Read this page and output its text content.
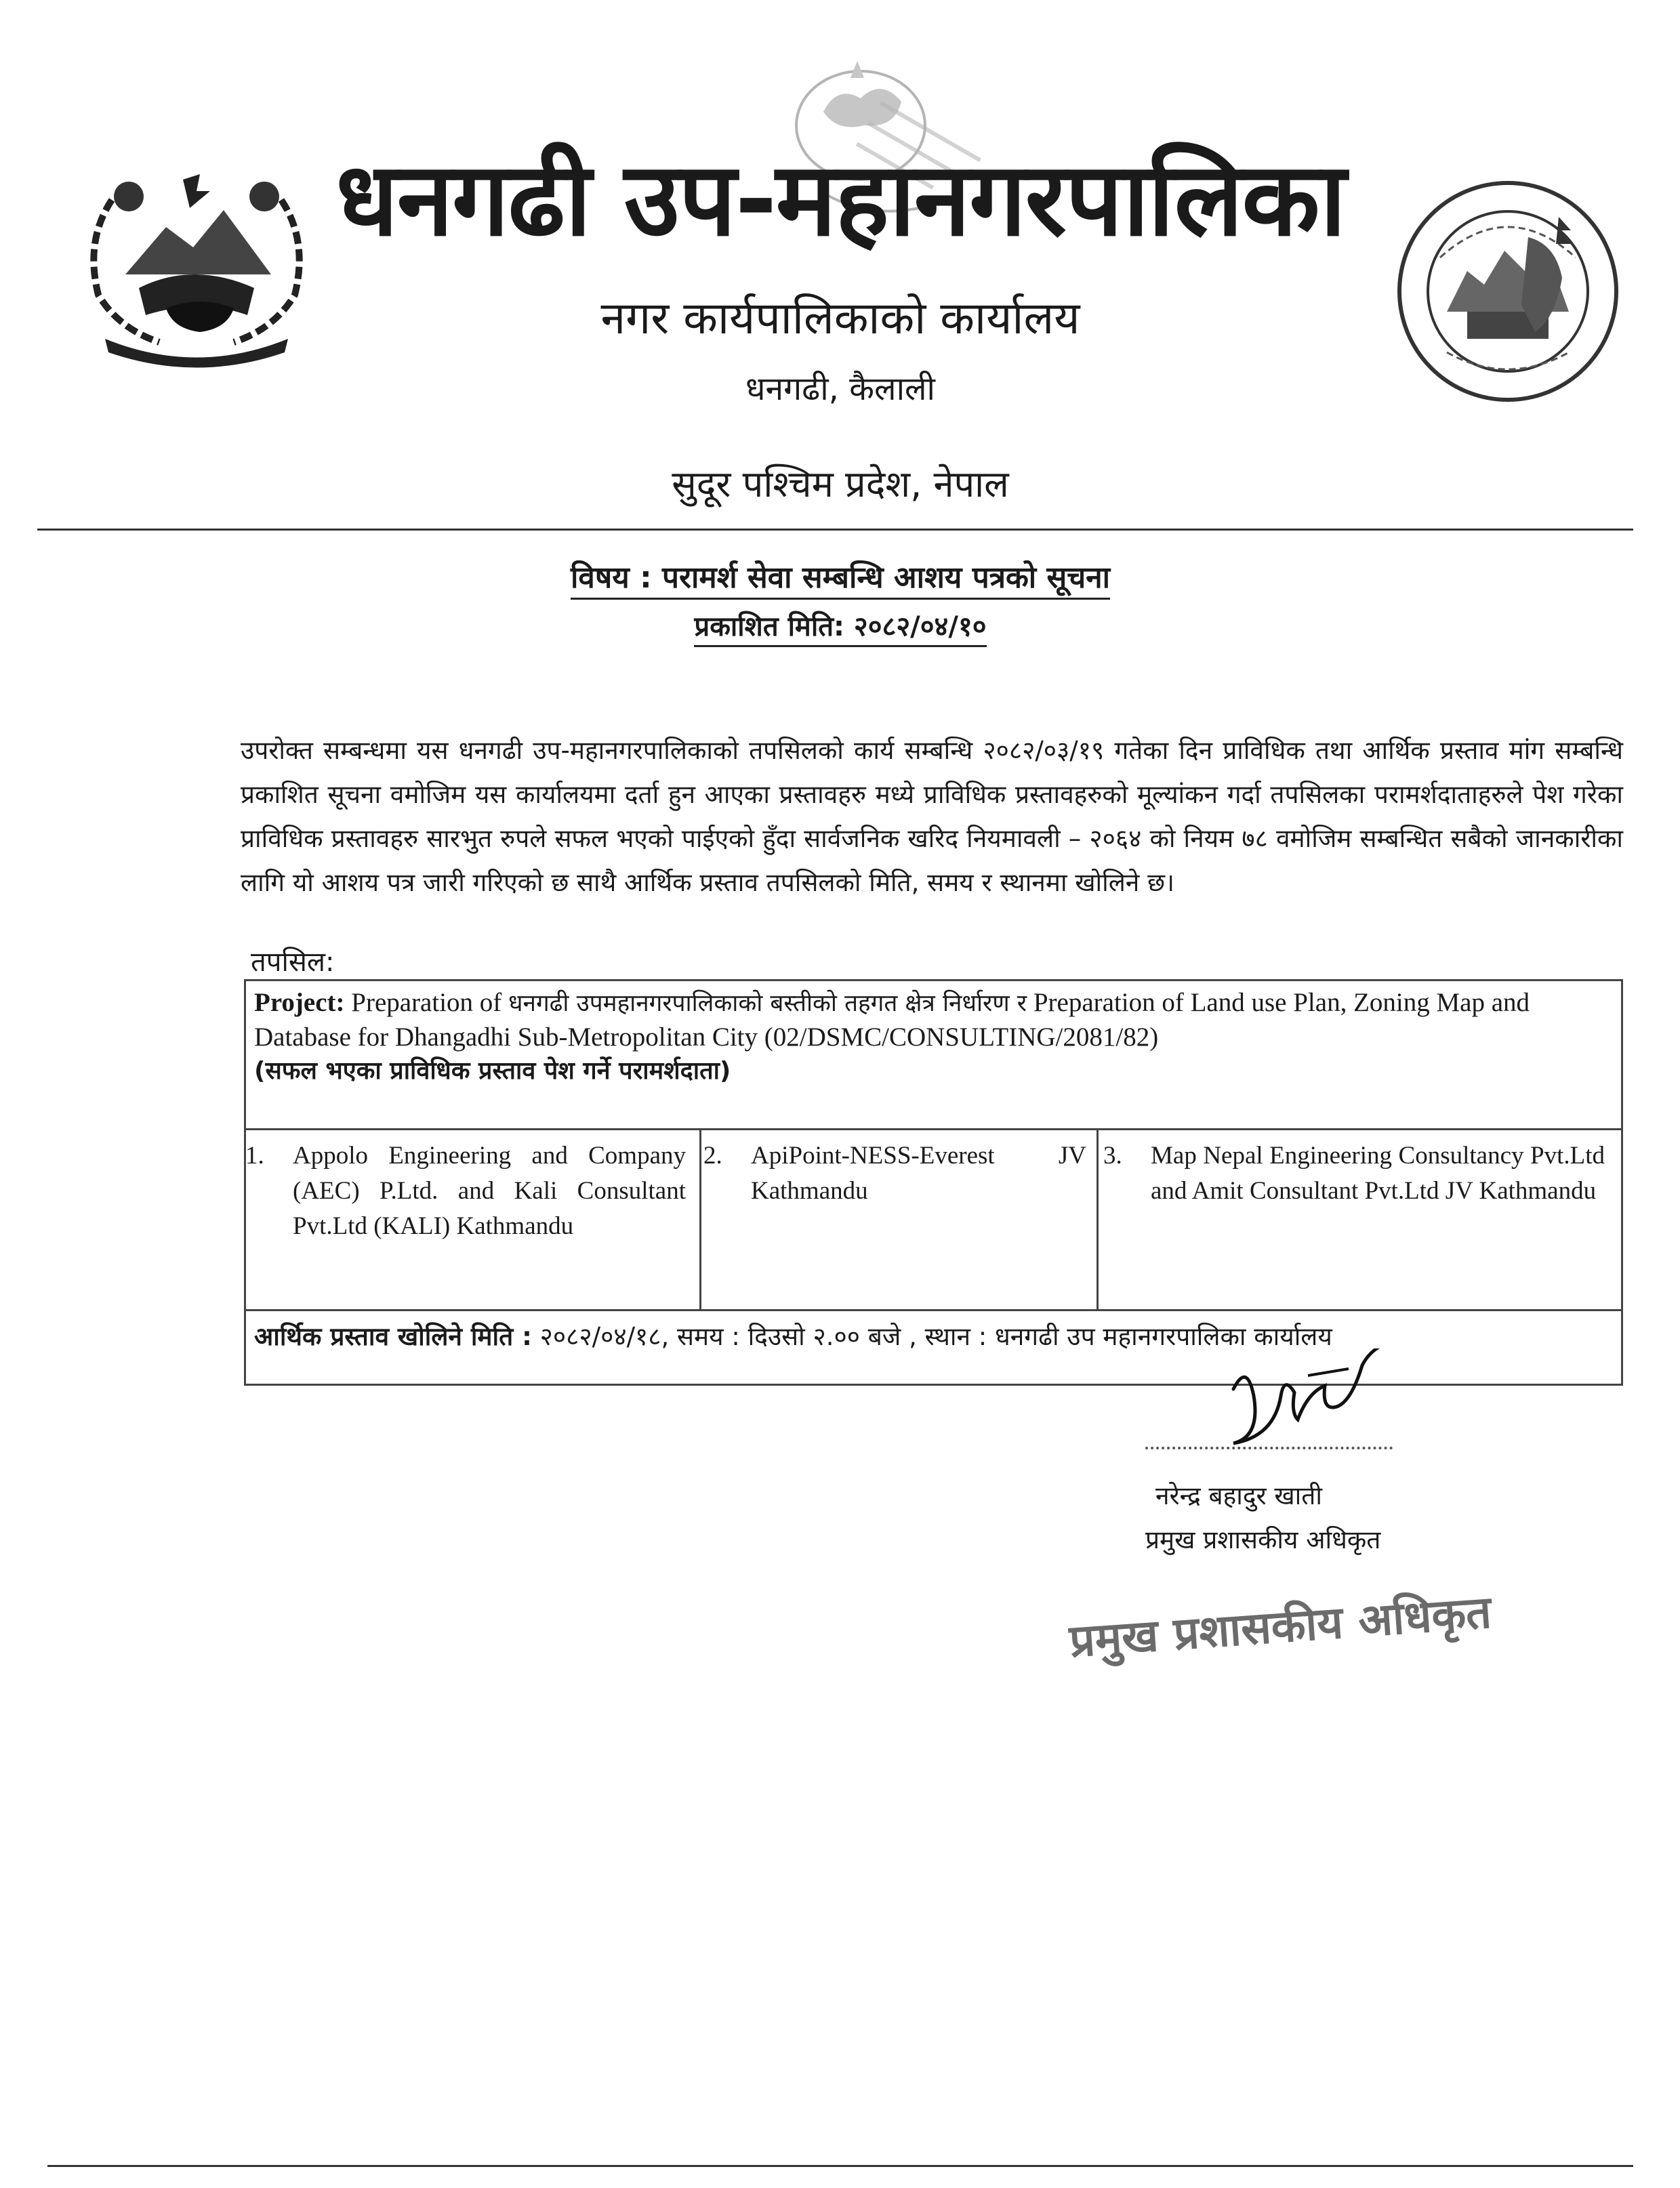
धनगढी उप-महानगरपालिका
नगर कार्यपालिकाको कार्यालय
धनगढी, कैलाली
सुदूर पश्चिम प्रदेश, नेपाल
विषय : परामर्श सेवा सम्बन्धि आशय पत्रको सूचना
प्रकाशित मिति: २०८२/०४/१०
उपरोक्त सम्बन्धमा यस धनगढी उप-महानगरपालिकाको तपसिलको कार्य सम्बन्धि २०८२/०३/१९ गतेका दिन प्राविधिक तथा आर्थिक प्रस्ताव मांग सम्बन्धि प्रकाशित सूचना वमोजिम यस कार्यालयमा दर्ता हुन आएका प्रस्तावहरु मध्ये प्राविधिक प्रस्तावहरुको मूल्यांकन गर्दा तपसिलका परामर्शदाताहरुले पेश गरेका प्राविधिक प्रस्तावहरु सारभुत रुपले सफल भएको पाईएको हुँदा सार्वजनिक खरिद नियमावली – २०६४ को नियम ७८ वमोजिम सम्बन्धित सबैको जानकारीका लागि यो आशय पत्र जारी गरिएको छ साथै आर्थिक प्रस्ताव तपसिलको मिति, समय र स्थानमा खोलिने छ।
तपसिल:
Project: Preparation of धनगढी उपमहानगरपालिकाको बस्तीको तहगत क्षेत्र निर्धारण र Preparation of Land use Plan, Zoning Map and Database for Dhangadhi Sub-Metropolitan City (02/DSMC/CONSULTING/2081/82)
(सफल भएका प्राविधिक प्रस्ताव पेश गर्ने परामर्शदाता)
1. Appolo Engineering and Company (AEC) P.Ltd. and Kali Consultant Pvt.Ltd (KALI) Kathmandu
2. ApiPoint-NESS-Everest JV Kathmandu
3. Map Nepal Engineering Consultancy Pvt.Ltd and Amit Consultant Pvt.Ltd JV Kathmandu
आर्थिक प्रस्ताव खोलिने मिति : २०८२/०४/१८, समय : दिउसो २.०० बजे , स्थान : धनगढी उप महानगरपालिका कार्यालय
नरेन्द्र बहादुर खाती
प्रमुख प्रशासकीय अधिकृत
प्रमुख प्रशासकीय अधिकृत
